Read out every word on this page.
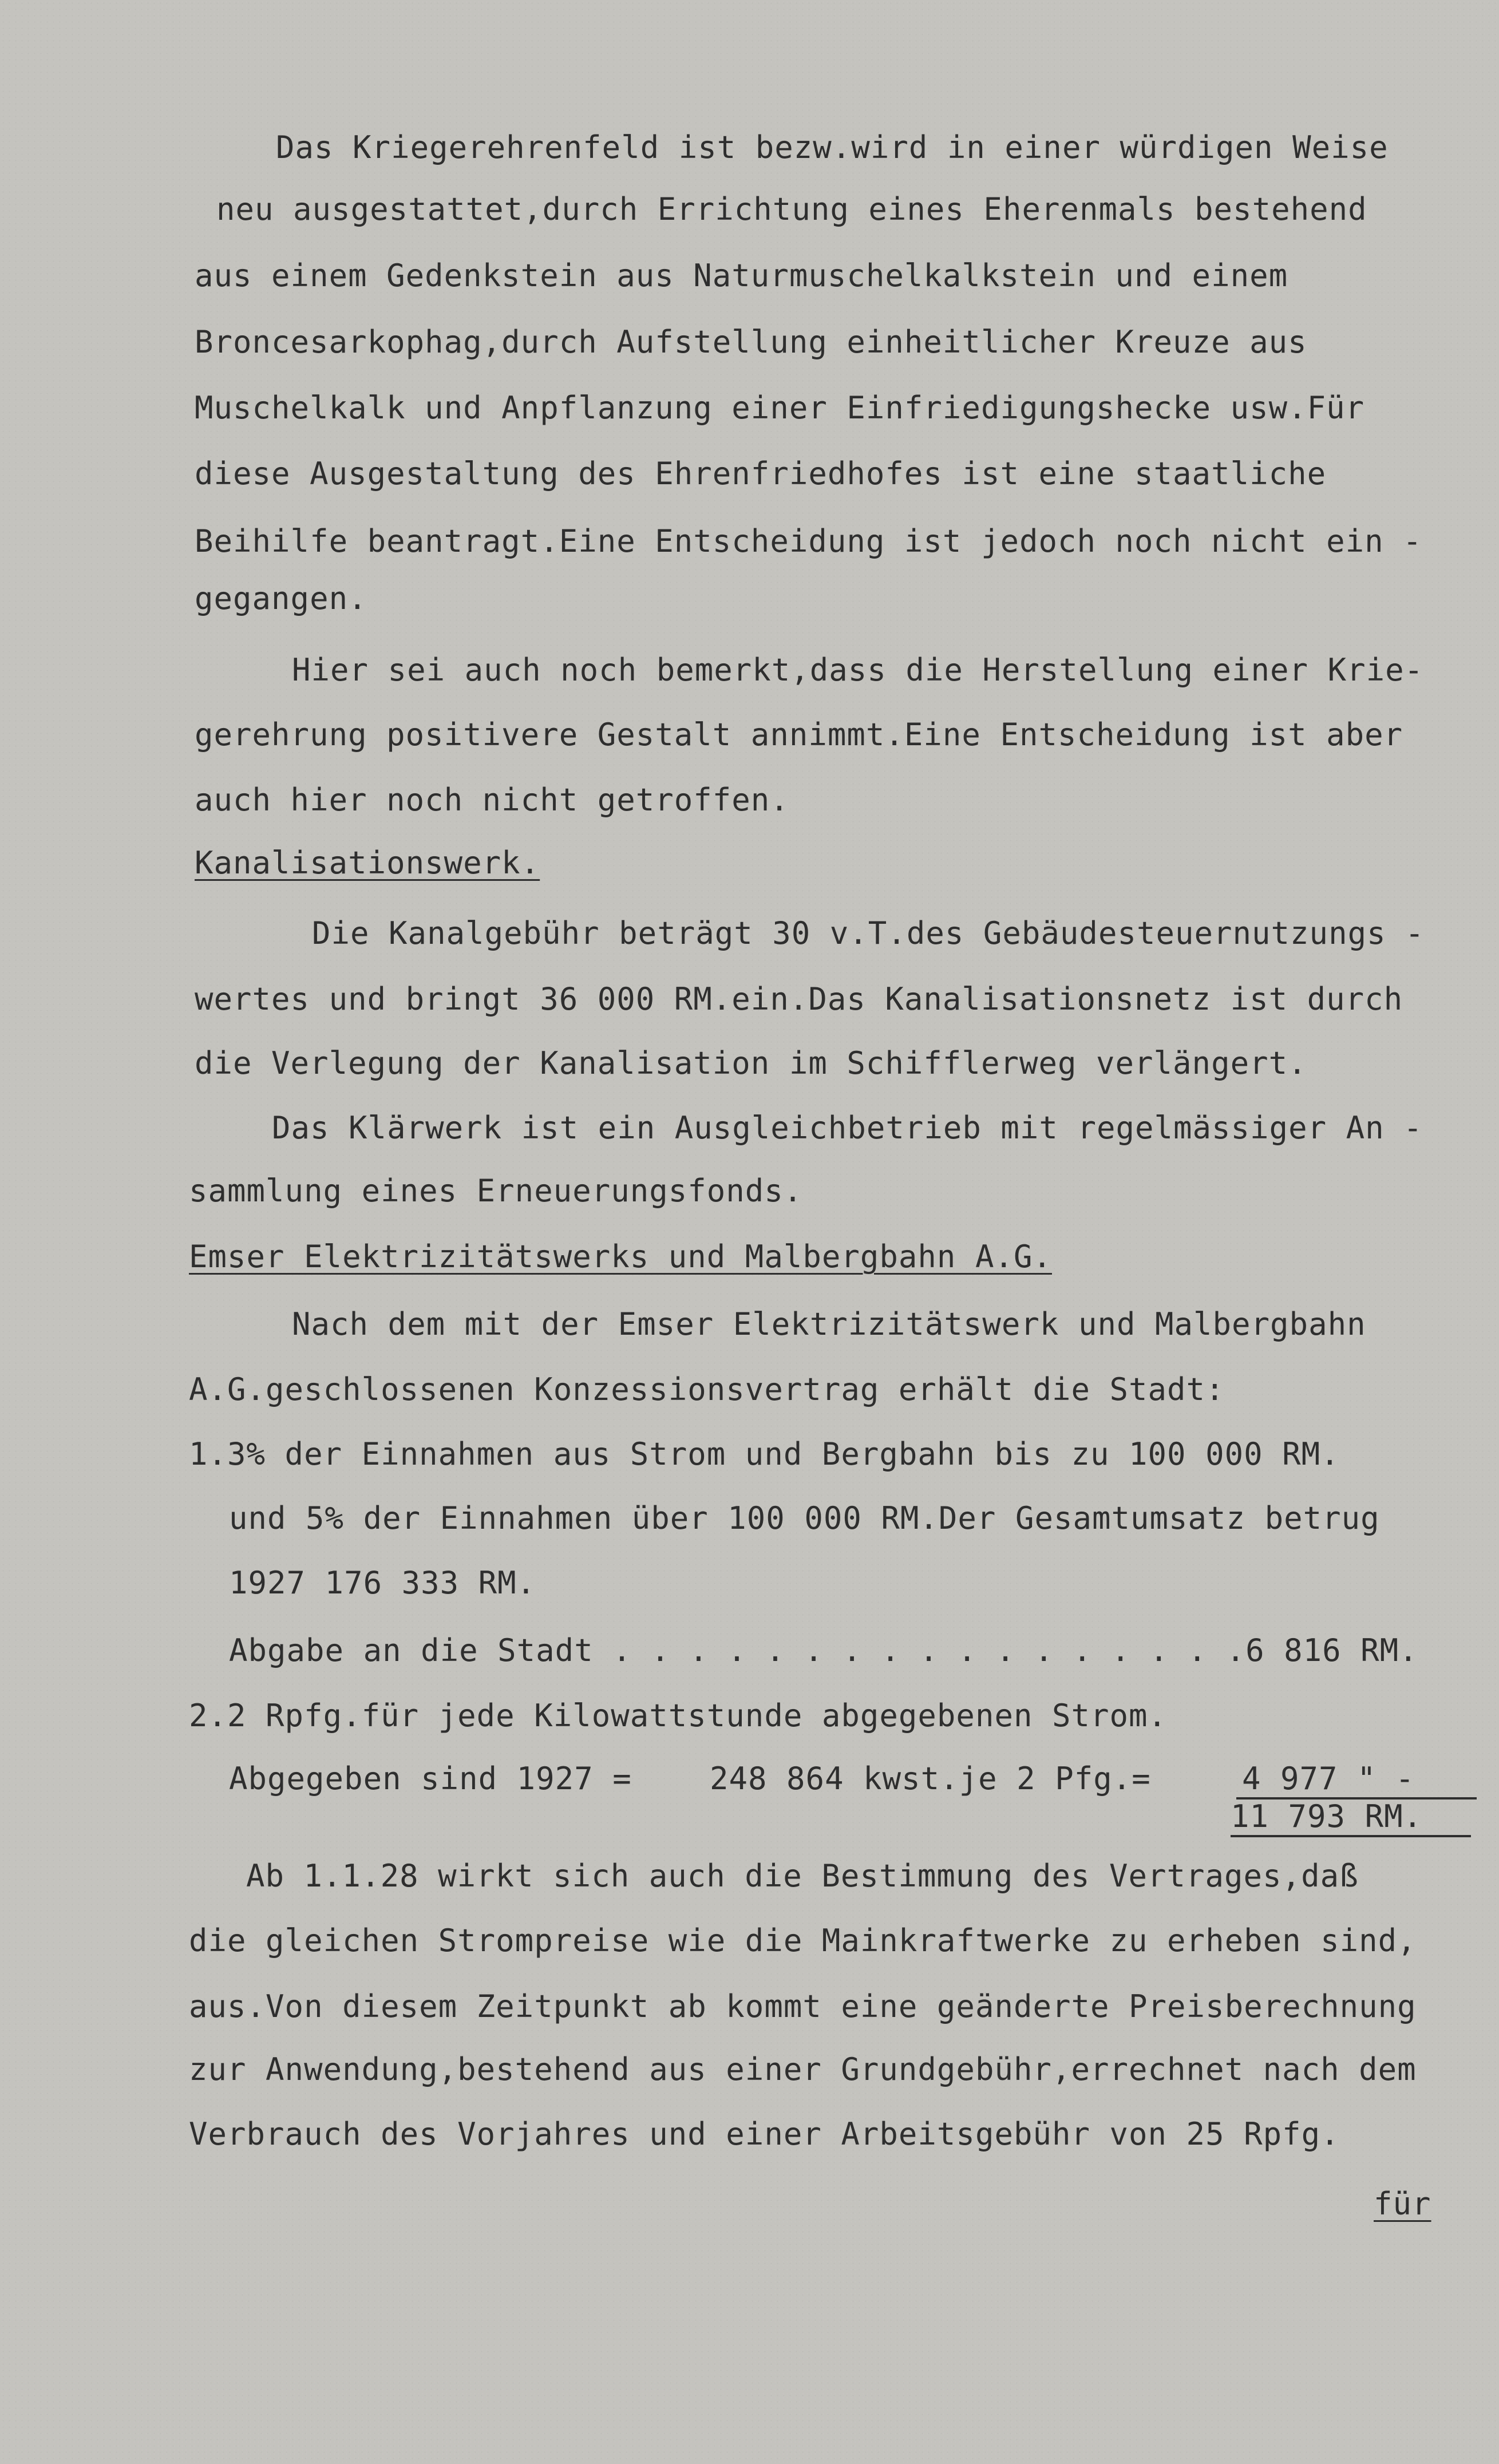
Das Kriegerehrenfeld ist bezw.wird in einer würdigen Weise
neu ausgestattet,durch Errichtung eines Eherenmals bestehend
aus einem Gedenkstein aus Naturmuschelkalkstein und einem
Broncesarkophag,durch Aufstellung einheitlicher Kreuze aus
Muschelkalk und Anpflanzung einer Einfriedigungshecke usw.Für
diese Ausgestaltung des Ehrenfriedhofes ist eine staatliche
Beihilfe beantragt.Eine Entscheidung ist jedoch noch nicht ein -
gegangen.
Hier sei auch noch bemerkt,dass die Herstellung einer Krie-
gerehrung positivere Gestalt annimmt.Eine Entscheidung ist aber
auch hier noch nicht getroffen.
Kanalisationswerk.
Die Kanalgebühr beträgt 30 v.T.des Gebäudesteuernutzungs -
wertes und bringt 36 000 RM.ein.Das Kanalisationsnetz ist durch
die Verlegung der Kanalisation im Schifflerweg verlängert.
Das Klärwerk ist ein Ausgleichbetrieb mit regelmässiger An -
sammlung eines Erneuerungsfonds.
Emser Elektrizitätswerks und Malbergbahn A.G.
Nach dem mit der Emser Elektrizitätswerk und Malbergbahn
A.G.geschlossenen Konzessionsvertrag erhält die Stadt:
1.3% der Einnahmen aus Strom und Bergbahn bis zu 100 000 RM.
und 5% der Einnahmen über 100 000 RM.Der Gesamtumsatz betrug
1927 176 333 RM.
Abgabe an die Stadt . . . . . . . . . . . . . . . . .6 816 RM.
2.2 Rpfg.für jede Kilowattstunde abgegebenen Strom.
Abgegeben sind 1927 =	248 864 kwst.je 2 Pfg.=	4 977 " -
11 793 RM.
Ab 1.1.28 wirkt sich auch die Bestimmung des Vertrages,daß
die gleichen Strompreise wie die Mainkraftwerke zu erheben sind,
aus.Von diesem Zeitpunkt ab kommt eine geänderte Preisberechnung
zur Anwendung,bestehend aus einer Grundgebühr,errechnet nach dem
Verbrauch des Vorjahres und einer Arbeitsgebühr von 25 Rpfg.
für
